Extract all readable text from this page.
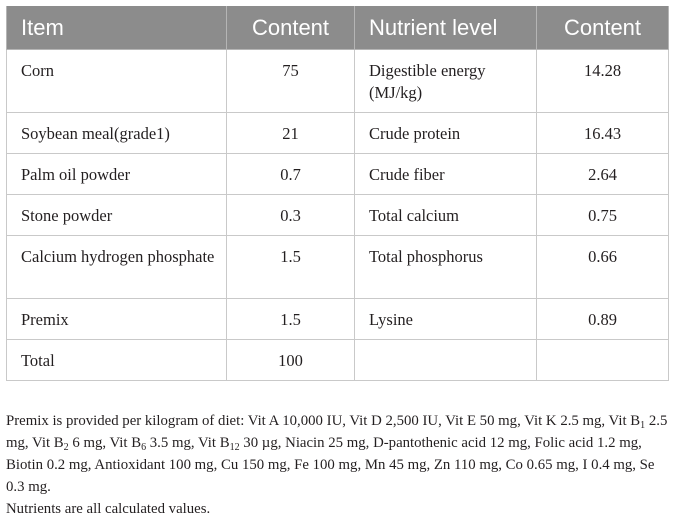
Item	Content	Nutrient level	Content
Corn	75	Digestible energy (MJ/kg)	14.28
Soybean meal(grade1)	21	Crude protein	16.43
Palm oil powder	0.7	Crude fiber	2.64
Stone powder	0.3	Total calcium	0.75
Calcium hydrogen phosphate	1.5	Total phosphorus	0.66
Premix	1.5	Lysine	0.89
Total	100		

Premix is provided per kilogram of diet: Vit A 10,000 IU, Vit D 2,500 IU, Vit E 50 mg, Vit K 2.5 mg, Vit $B_1$ 2.5 mg, Vit $B_2$ 6 mg, Vit $B_6$ 3.5 mg, Vit $B_{12}$ 30 µg, Niacin 25 mg, D-pantothenic acid 12 mg, Folic acid 1.2 mg, Biotin 0.2 mg, Antioxidant 100 mg, Cu 150 mg, Fe 100 mg, Mn 45 mg, Zn 110 mg, Co 0.65 mg, I 0.4 mg, Se 0.3 mg.

Nutrients are all calculated values.
